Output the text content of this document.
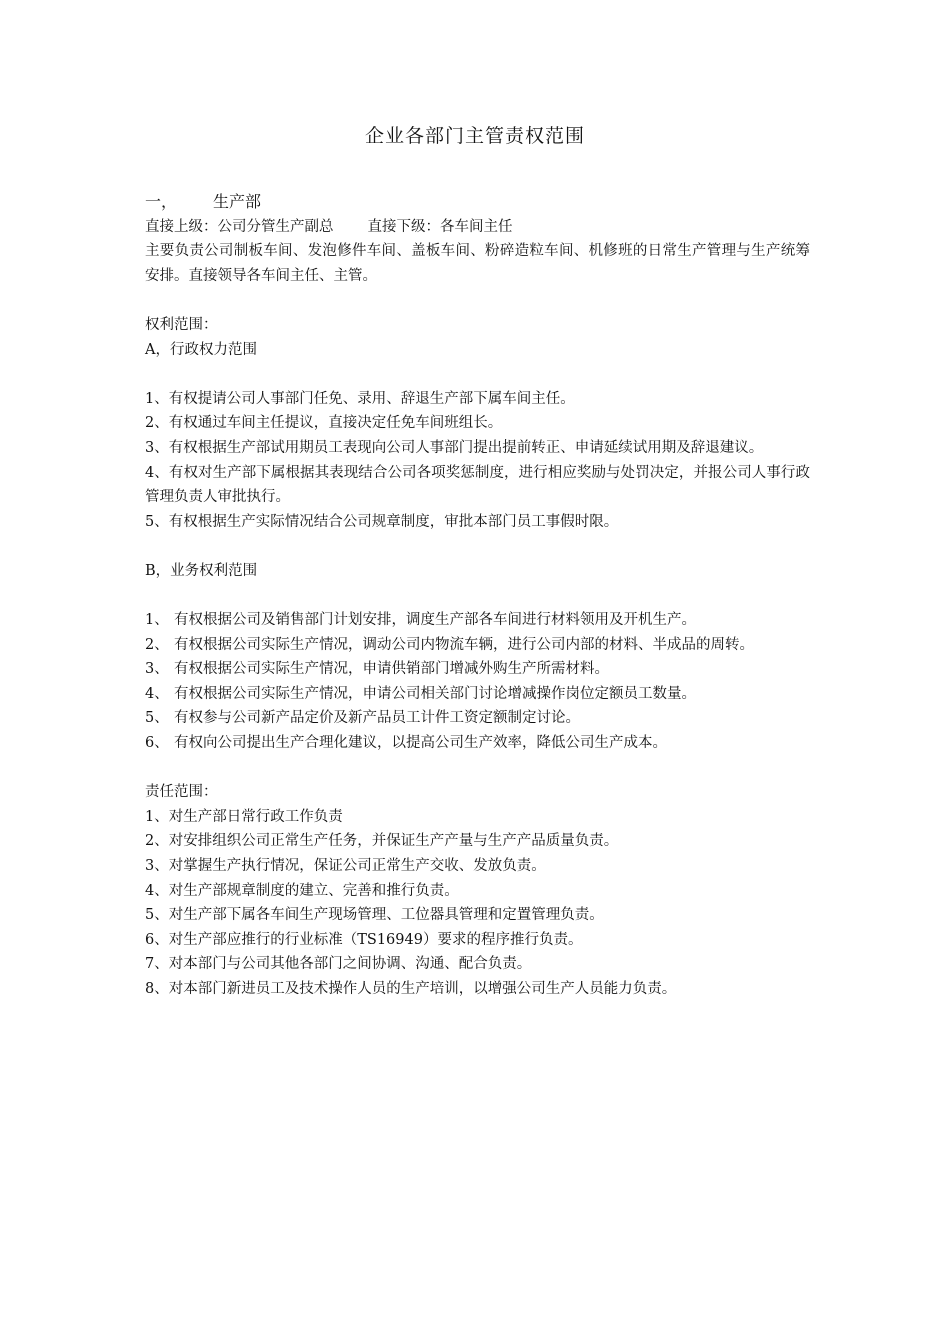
企业各部门主管责权范围

一， 生产部

直接上级：公司分管生产副总 直接下级：各车间主任

主要负责公司制板车间、发泡修件车间、盖板车间、粉碎造粒车间、机修班的日常生产管理与生产统筹安排。直接领导各车间主任、主管。

权利范围：

A，行政权力范围

1、有权提请公司人事部门任免、录用、辞退生产部下属车间主任。

2、有权通过车间主任提议，直接决定任免车间班组长。

3、有权根据生产部试用期员工表现向公司人事部门提出提前转正、申请延续试用期及辞退建议。

4、有权对生产部下属根据其表现结合公司各项奖惩制度，进行相应奖励与处罚决定，并报公司人事行政管理负责人审批执行。

5、有权根据生产实际情况结合公司规章制度，审批本部门员工事假时限。

B，业务权利范围

1、 有权根据公司及销售部门计划安排，调度生产部各车间进行材料领用及开机生产。

2、 有权根据公司实际生产情况，调动公司内物流车辆，进行公司内部的材料、半成品的周转。

3、 有权根据公司实际生产情况，申请供销部门增减外购生产所需材料。

4、 有权根据公司实际生产情况，申请公司相关部门讨论增减操作岗位定额员工数量。

5、 有权参与公司新产品定价及新产品员工计件工资定额制定讨论。

6、 有权向公司提出生产合理化建议，以提高公司生产效率，降低公司生产成本。

责任范围：

1、对生产部日常行政工作负责

2、对安排组织公司正常生产任务，并保证生产产量与生产产品质量负责。

3、对掌握生产执行情况，保证公司正常生产交收、发放负责。

4、对生产部规章制度的建立、完善和推行负责。

5、对生产部下属各车间生产现场管理、工位器具管理和定置管理负责。

6、对生产部应推行的行业标准（TS16949）要求的程序推行负责。

7、对本部门与公司其他各部门之间协调、沟通、配合负责。

8、对本部门新进员工及技术操作人员的生产培训，以增强公司生产人员能力负责。
